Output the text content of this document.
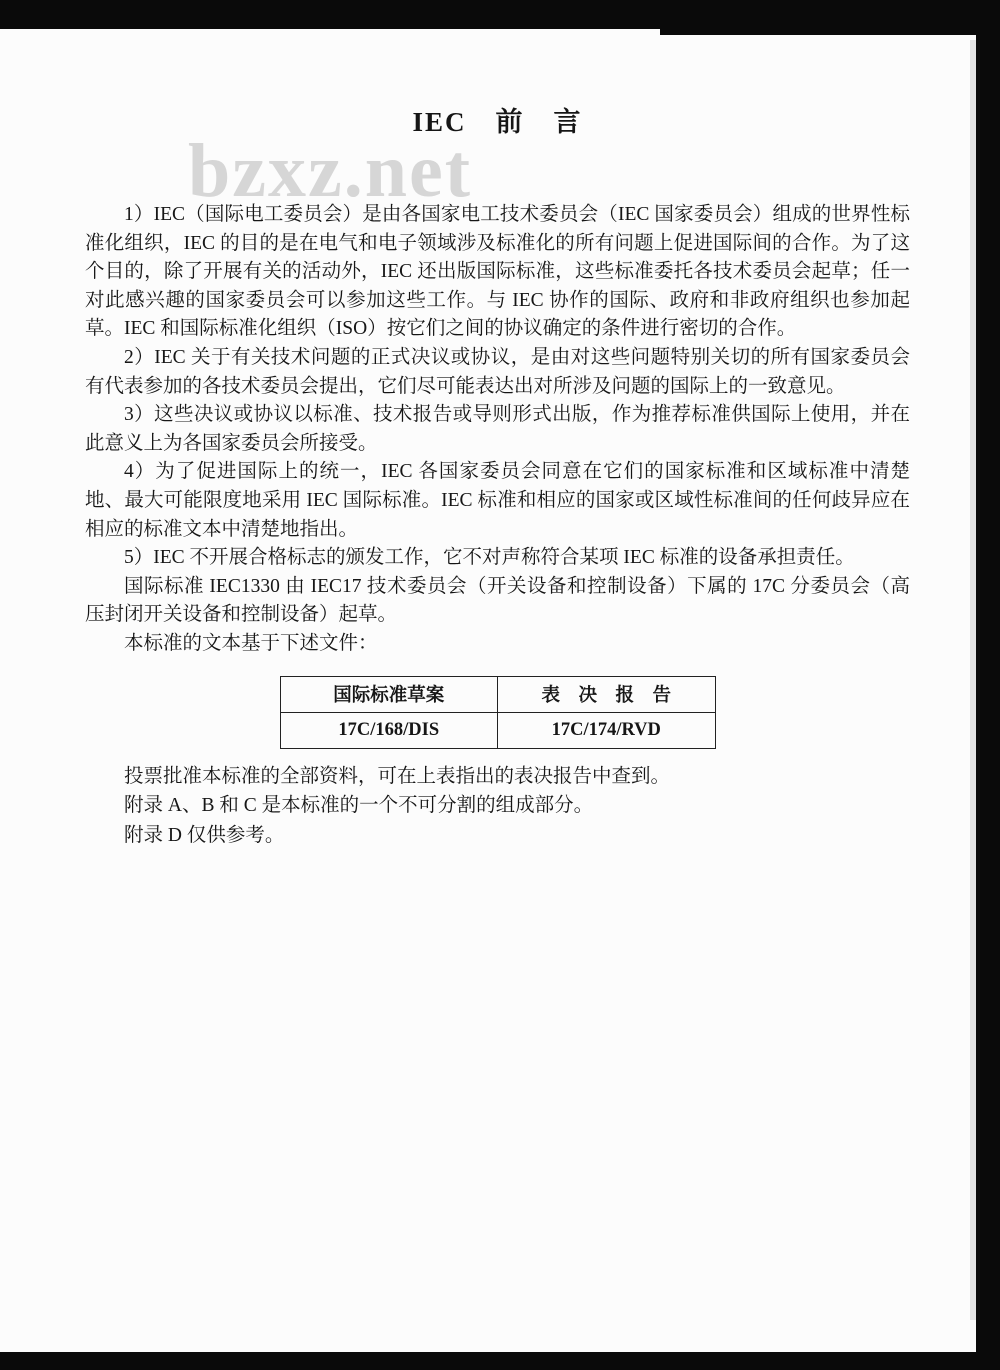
bzxz.net
IEC　前　言

1）IEC（国际电工委员会）是由各国家电工技术委员会（IEC 国家委员会）组成的世界性标准化组织，IEC 的目的是在电气和电子领域涉及标准化的所有问题上促进国际间的合作。为了这个目的，除了开展有关的活动外，IEC 还出版国际标准，这些标准委托各技术委员会起草；任一对此感兴趣的国家委员会可以参加这些工作。与 IEC 协作的国际、政府和非政府组织也参加起草。IEC 和国际标准化组织（ISO）按它们之间的协议确定的条件进行密切的合作。

2）IEC 关于有关技术问题的正式决议或协议，是由对这些问题特别关切的所有国家委员会有代表参加的各技术委员会提出，它们尽可能表达出对所涉及问题的国际上的一致意见。

3）这些决议或协议以标准、技术报告或导则形式出版，作为推荐标准供国际上使用，并在此意义上为各国家委员会所接受。

4）为了促进国际上的统一，IEC 各国家委员会同意在它们的国家标准和区域标准中清楚地、最大可能限度地采用 IEC 国际标准。IEC 标准和相应的国家或区域性标准间的任何歧异应在相应的标准文本中清楚地指出。

5）IEC 不开展合格标志的颁发工作，它不对声称符合某项 IEC 标准的设备承担责任。

国际标准 IEC1330 由 IEC17 技术委员会（开关设备和控制设备）下属的 17C 分委员会（高压封闭开关设备和控制设备）起草。

本标准的文本基于下述文件：

国际标准草案	表　决　报　告
17C/168/DIS	17C/174/RVD

投票批准本标准的全部资料，可在上表指出的表决报告中查到。

附录 A、B 和 C 是本标准的一个不可分割的组成部分。

附录 D 仅供参考。
